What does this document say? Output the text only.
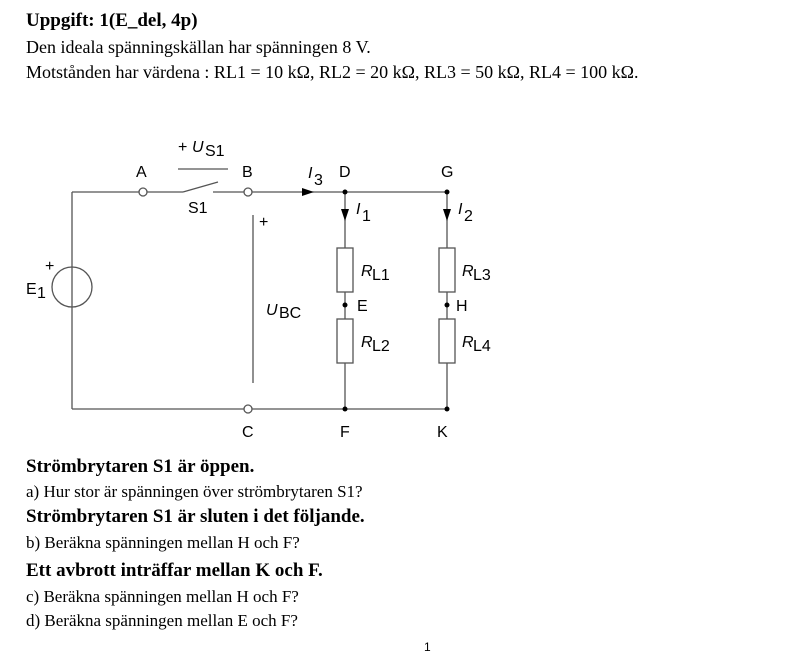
Uppgift: 1(E_del, 4p)
Den ideala spänningskällan har spänningen 8 V.
Motstånden har värdena : RL1 = 10 kΩ, RL2 = 20 kΩ, RL3 = 50 kΩ, RL4 = 100 kΩ.
A	B	D	G
C	F	K
E	H
S1
+ U S1
+
U BC
I 3
I 1	I 2
R L1
R L2
R L3
R L4
E 1
+
Strömbrytaren S1 är öppen.
a) Hur stor är spänningen över strömbrytaren S1?
Strömbrytaren S1 är sluten i det följande.
b) Beräkna spänningen mellan H och F?
Ett avbrott inträffar mellan K och F.
c) Beräkna spänningen mellan H och F?
d) Beräkna spänningen mellan E och F?
1
